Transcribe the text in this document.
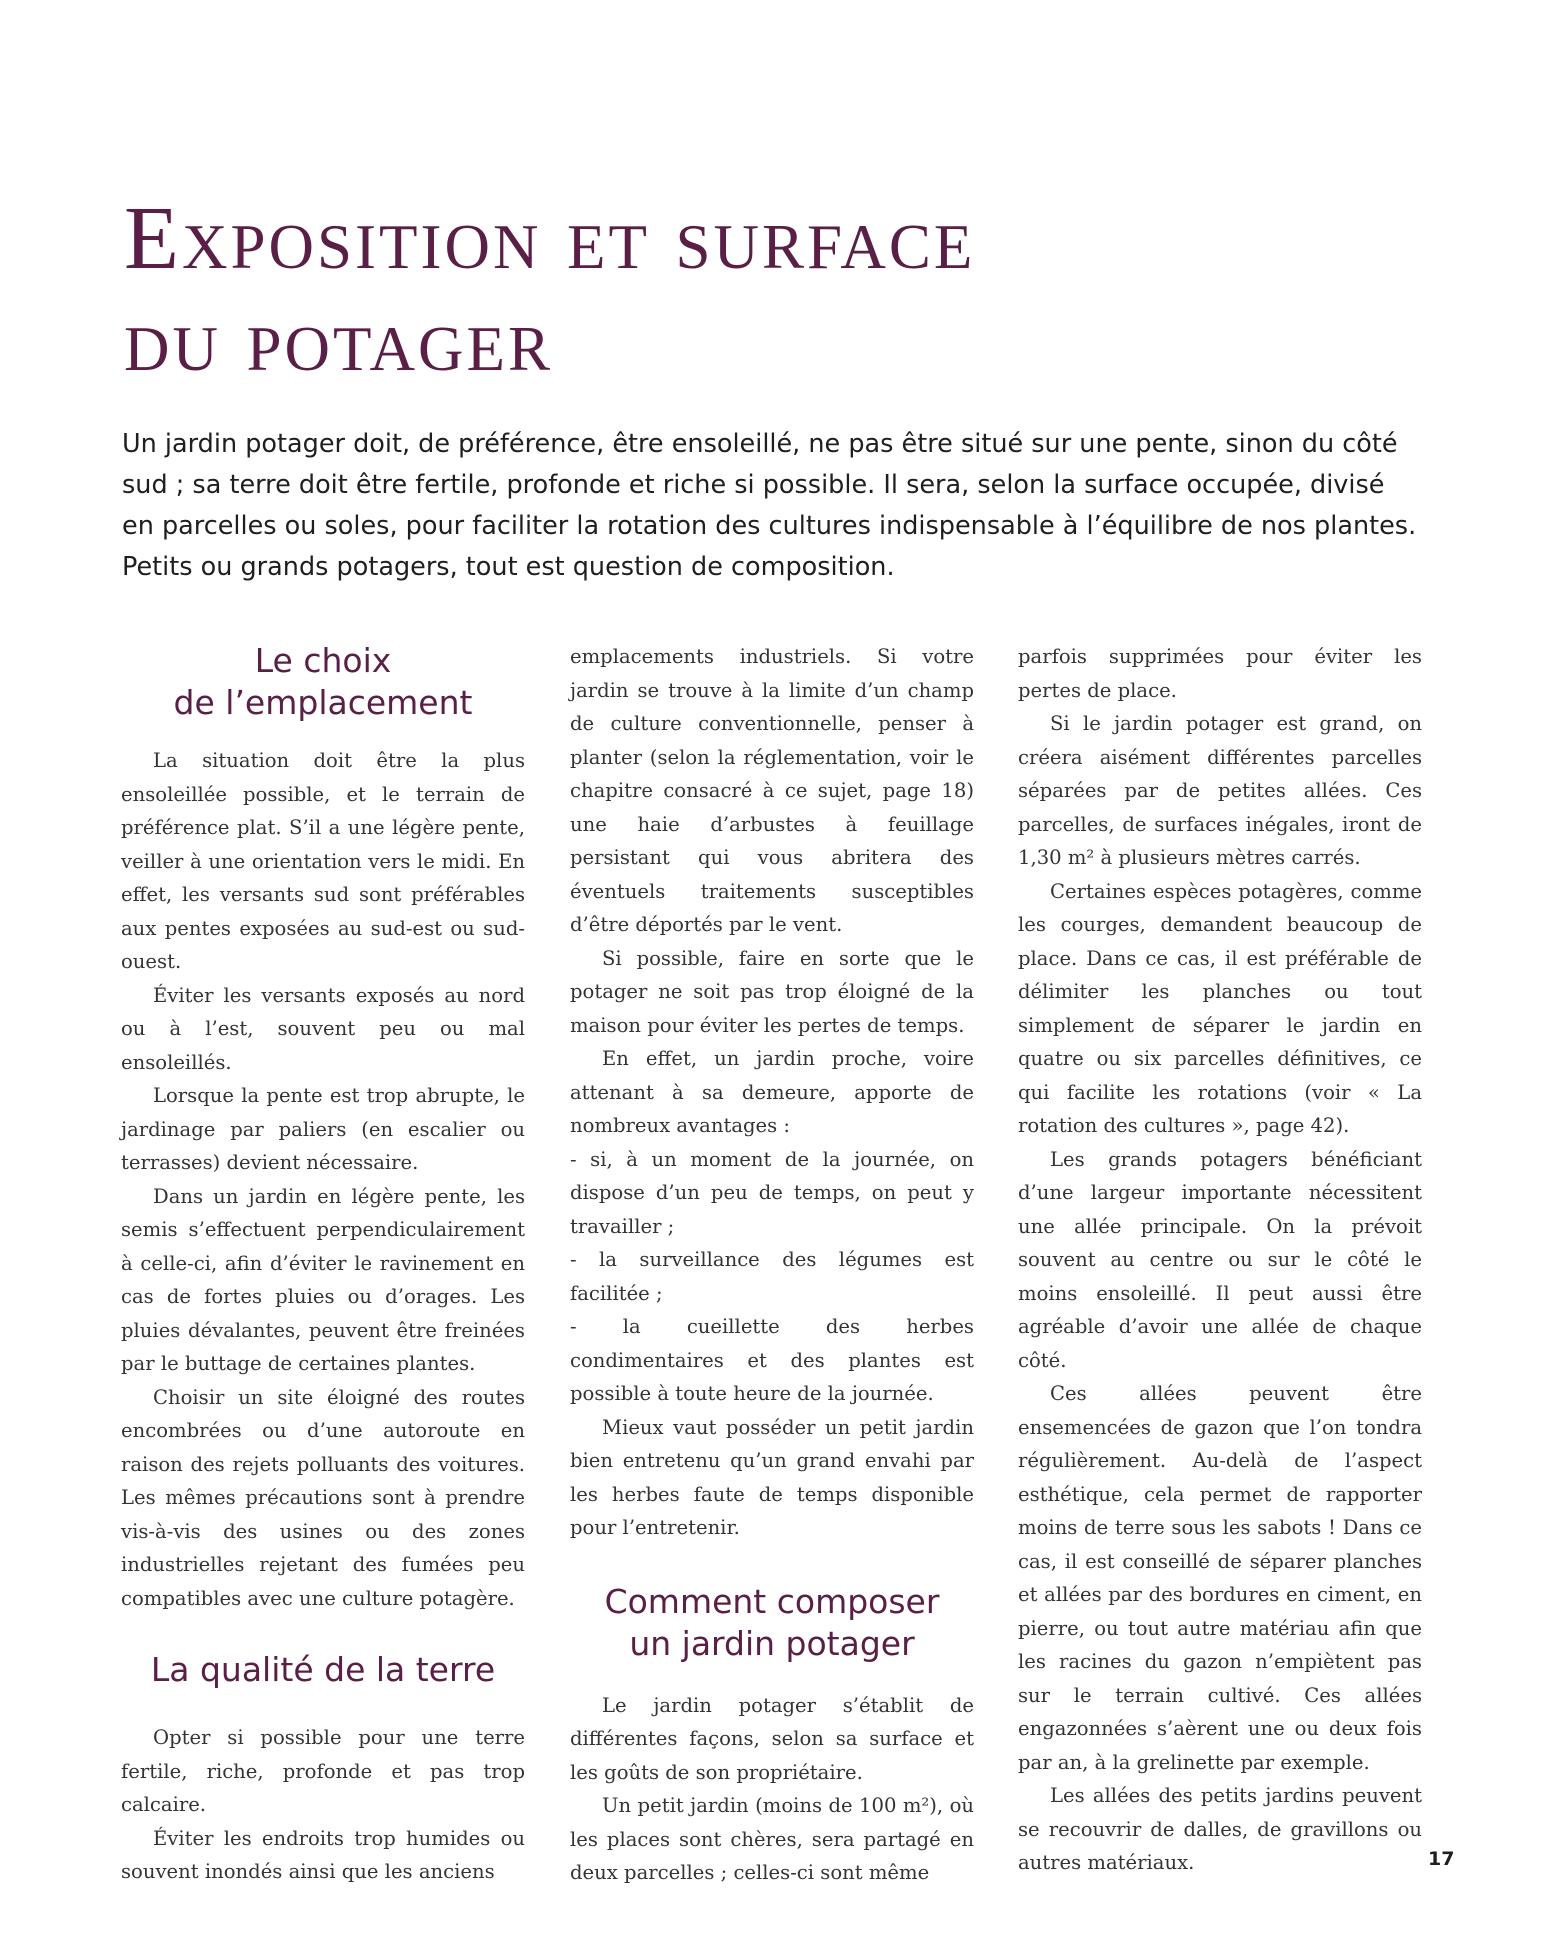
Exposition et surface
du potager

Un jardin potager doit, de préférence, être ensoleillé, ne pas être situé sur une pente, sinon du côté sud ; sa terre doit être fertile, profonde et riche si possible. Il sera, selon la surface occupée, divisé en parcelles ou soles, pour faciliter la rotation des cultures indispensable à l’équilibre de nos plantes. Petits ou grands potagers, tout est question de composition.

Le choix
de l’emplacement

La situation doit être la plus ensoleillée possible, et le terrain de préférence plat. S’il a une légère pente, veiller à une orientation vers le midi. En effet, les versants sud sont préférables aux pentes exposées au sud-est ou sud-ouest.

Éviter les versants exposés au nord ou à l’est, souvent peu ou mal ensoleillés.

Lorsque la pente est trop abrupte, le jardinage par paliers (en escalier ou terrasses) devient nécessaire.

Dans un jardin en légère pente, les semis s’effectuent perpendiculairement à celle-ci, afin d’éviter le ravinement en cas de fortes pluies ou d’orages. Les pluies dévalantes, peuvent être freinées par le buttage de certaines plantes.

Choisir un site éloigné des routes encombrées ou d’une autoroute en raison des rejets polluants des voitures. Les mêmes précautions sont à prendre vis-à-vis des usines ou des zones industrielles rejetant des fumées peu compatibles avec une culture potagère.

La qualité de la terre

Opter si possible pour une terre fertile, riche, profonde et pas trop calcaire.

Éviter les endroits trop humides ou souvent inondés ainsi que les anciens

emplacements industriels. Si votre jardin se trouve à la limite d’un champ de culture conventionnelle, penser à planter (selon la réglementation, voir le chapitre consacré à ce sujet, page 18) une haie d’arbustes à feuillage persistant qui vous abritera des éventuels traitements susceptibles d’être déportés par le vent.

Si possible, faire en sorte que le potager ne soit pas trop éloigné de la maison pour éviter les pertes de temps.

En effet, un jardin proche, voire attenant à sa demeure, apporte de nombreux avantages :

- si, à un moment de la journée, on dispose d’un peu de temps, on peut y travailler ;
- la surveillance des légumes est facilitée ;
- la cueillette des herbes condimentaires et des plantes est possible à toute heure de la journée.

Mieux vaut posséder un petit jardin bien entretenu qu’un grand envahi par les herbes faute de temps disponible pour l’entretenir.

Comment composer
un jardin potager

Le jardin potager s’établit de différentes façons, selon sa surface et les goûts de son propriétaire.

Un petit jardin (moins de 100 m²), où les places sont chères, sera partagé en deux parcelles ; celles-ci sont même

parfois supprimées pour éviter les pertes de place.

Si le jardin potager est grand, on créera aisément différentes parcelles séparées par de petites allées. Ces parcelles, de surfaces inégales, iront de 1,30 m² à plusieurs mètres carrés.

Certaines espèces potagères, comme les courges, demandent beaucoup de place. Dans ce cas, il est préférable de délimiter les planches ou tout simplement de séparer le jardin en quatre ou six parcelles définitives, ce qui facilite les rotations (voir « La rotation des cultures », page 42).

Les grands potagers bénéficiant d’une largeur importante nécessitent une allée principale. On la prévoit souvent au centre ou sur le côté le moins ensoleillé. Il peut aussi être agréable d’avoir une allée de chaque côté.

Ces allées peuvent être ensemencées de gazon que l’on tondra régulièrement. Au-delà de l’aspect esthétique, cela permet de rapporter moins de terre sous les sabots ! Dans ce cas, il est conseillé de séparer planches et allées par des bordures en ciment, en pierre, ou tout autre matériau afin que les racines du gazon n’empiètent pas sur le terrain cultivé. Ces allées engazonnées s’aèrent une ou deux fois par an, à la grelinette par exemple.

Les allées des petits jardins peuvent se recouvrir de dalles, de gravillons ou autres matériaux.	17
